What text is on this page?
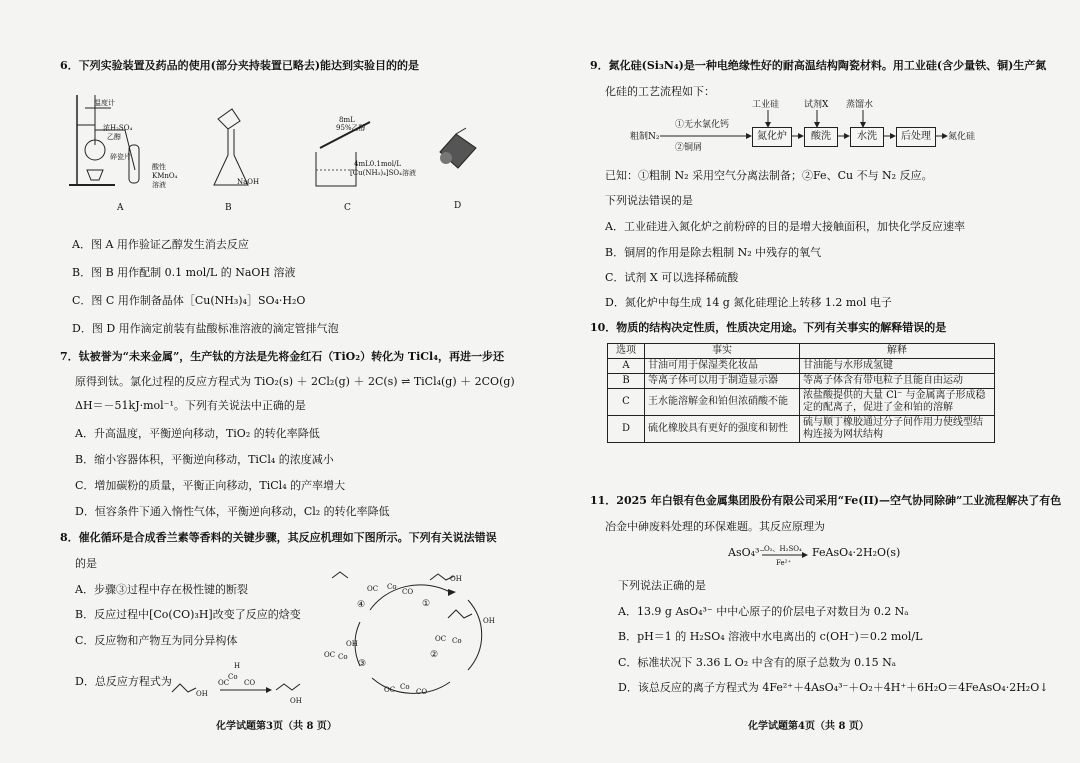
6．下列实验装置及药品的使用(部分夹持装置已略去)能达到实验目的的是
温度计
浓H₂SO₄
乙醇
碎瓷片
酸性
KMnO₄
溶液
A
NaOH
B
8mL
95%乙醇
4mL0.1mol/L
[Cu(NH₃)₄]SO₄溶液
C	D
A．图 A 用作验证乙醇发生消去反应
B．图 B 用作配制 0.1 mol/L 的 NaOH 溶液
C．图 C 用作制备晶体［Cu(NH₃)₄］SO₄·H₂O
D．图 D 用作滴定前装有盐酸标准溶液的滴定管排气泡
7．钛被誉为“未来金属”，生产钛的方法是先将金红石（TiO₂）转化为 TiCl₄，再进一步还
原得到钛。氯化过程的反应方程式为 TiO₂(s) ＋ 2Cl₂(g) ＋ 2C(s) ⇌ TiCl₄(g) ＋ 2CO(g)
ΔH＝－51kJ·mol⁻¹。下列有关说法中正确的是
A．升高温度，平衡逆向移动，TiO₂ 的转化率降低
B．缩小容器体积，平衡逆向移动，TiCl₄ 的浓度减小
C．增加碳粉的质量，平衡正向移动，TiCl₄ 的产率增大
D．恒容条件下通入惰性气体，平衡逆向移动，Cl₂ 的转化率降低
8．催化循环是合成香兰素等香料的关键步骤，其反应机理如下图所示。下列有关说法错误
的是
A．步骤③过程中存在极性键的断裂
B．反应过程中[Co(CO)₃H]改变了反应的焓变
C．反应物和产物互为同分异构体
D．总反应方程式为
OH
H
Co
OC CO
OH
OH
OH
OH
OC Co
CO
OC Co
OC Co
OC Co
CO
①
②
③
④
化学试题第3页（共 8 页）
9．氮化硅(Si₃N₄)是一种电绝缘性好的耐高温结构陶瓷材料。用工业硅(含少量铁、铜)生产氮
化硅的工艺流程如下：
工业硅	试剂X 蒸馏水
①无水氯化钙
②铜屑
粗制N₂	氮化炉	酸洗	水洗	后处理	氮化硅
已知：①粗制 N₂ 采用空气分离法制备；②Fe、Cu 不与 N₂ 反应。
下列说法错误的是
A．工业硅进入氮化炉之前粉碎的目的是增大接触面积，加快化学反应速率
B．铜屑的作用是除去粗制 N₂ 中残存的氧气
C．试剂 X 可以选择稀硫酸
D．氮化炉中每生成 14 g 氮化硅理论上转移 1.2 mol 电子
10．物质的结构决定性质，性质决定用途。下列有关事实的解释错误的是
选项	事实	解释
A	甘油可用于保湿类化妆品	甘油能与水形成氢键
B	等离子体可以用于制造显示器	等离子体含有带电粒子且能自由运动
C	王水能溶解金和铂但浓硝酸不能	浓盐酸提供的大量 Cl⁻ 与金属离子形成稳定的配离子，促进了金和铂的溶解
D	硫化橡胶具有更好的强度和韧性	硫与顺丁橡胶通过分子间作用力使线型结构连接为网状结构
11．2025 年白银有色金属集团股份有限公司采用“Fe(II)—空气协同除砷”工业流程解决了有色
冶金中砷废料处理的环保难题。其反应原理为
AsO₄³⁻
O₂、H₂SO₄
Fe²⁺
FeAsO₄·2H₂O(s)
下列说法正确的是
A．13.9 g AsO₄³⁻ 中中心原子的价层电子对数目为 0.2 Nₐ
B．pH＝1 的 H₂SO₄ 溶液中水电离出的 c(OH⁻)＝0.2 mol/L
C．标准状况下 3.36 L O₂ 中含有的原子总数为 0.15 Nₐ
D．该总反应的离子方程式为 4Fe²⁺＋4AsO₄³⁻＋O₂＋4H⁺＋6H₂O＝4FeAsO₄·2H₂O↓
化学试题第4页（共 8 页）
